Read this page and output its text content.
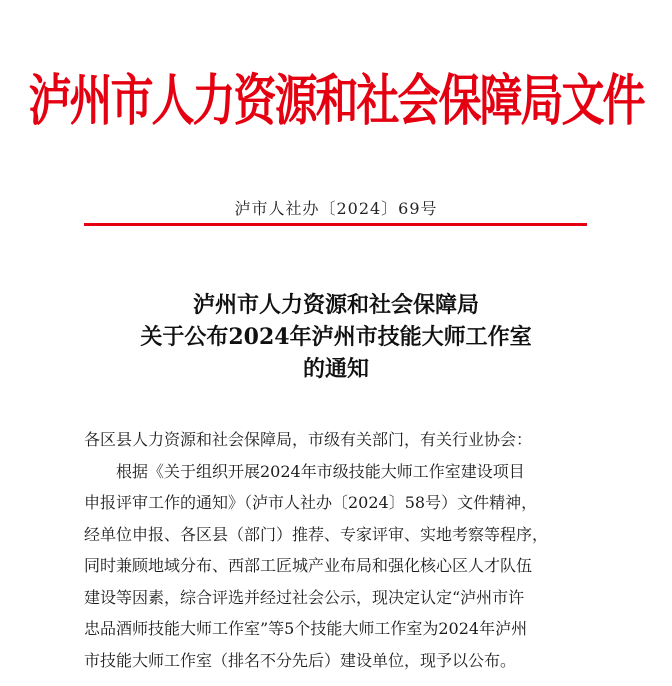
泸州市人力资源和社会保障局文件
泸市人社办〔2024〕69号
泸州市人力资源和社会保障局
关于公布2024年泸州市技能大师工作室
的通知
各区县人力资源和社会保障局，市级有关部门，有关行业协会：
根据《关于组织开展2024年市级技能大师工作室建设项目
申报评审工作的通知》（泸市人社办〔2024〕58号）文件精神，
经单位申报、各区县（部门）推荐、专家评审、实地考察等程序，
同时兼顾地域分布、西部工匠城产业布局和强化核心区人才队伍
建设等因素，综合评选并经过社会公示，现决定认定“泸州市许
忠品酒师技能大师工作室”等5个技能大师工作室为2024年泸州
市技能大师工作室（排名不分先后）建设单位，现予以公布。
